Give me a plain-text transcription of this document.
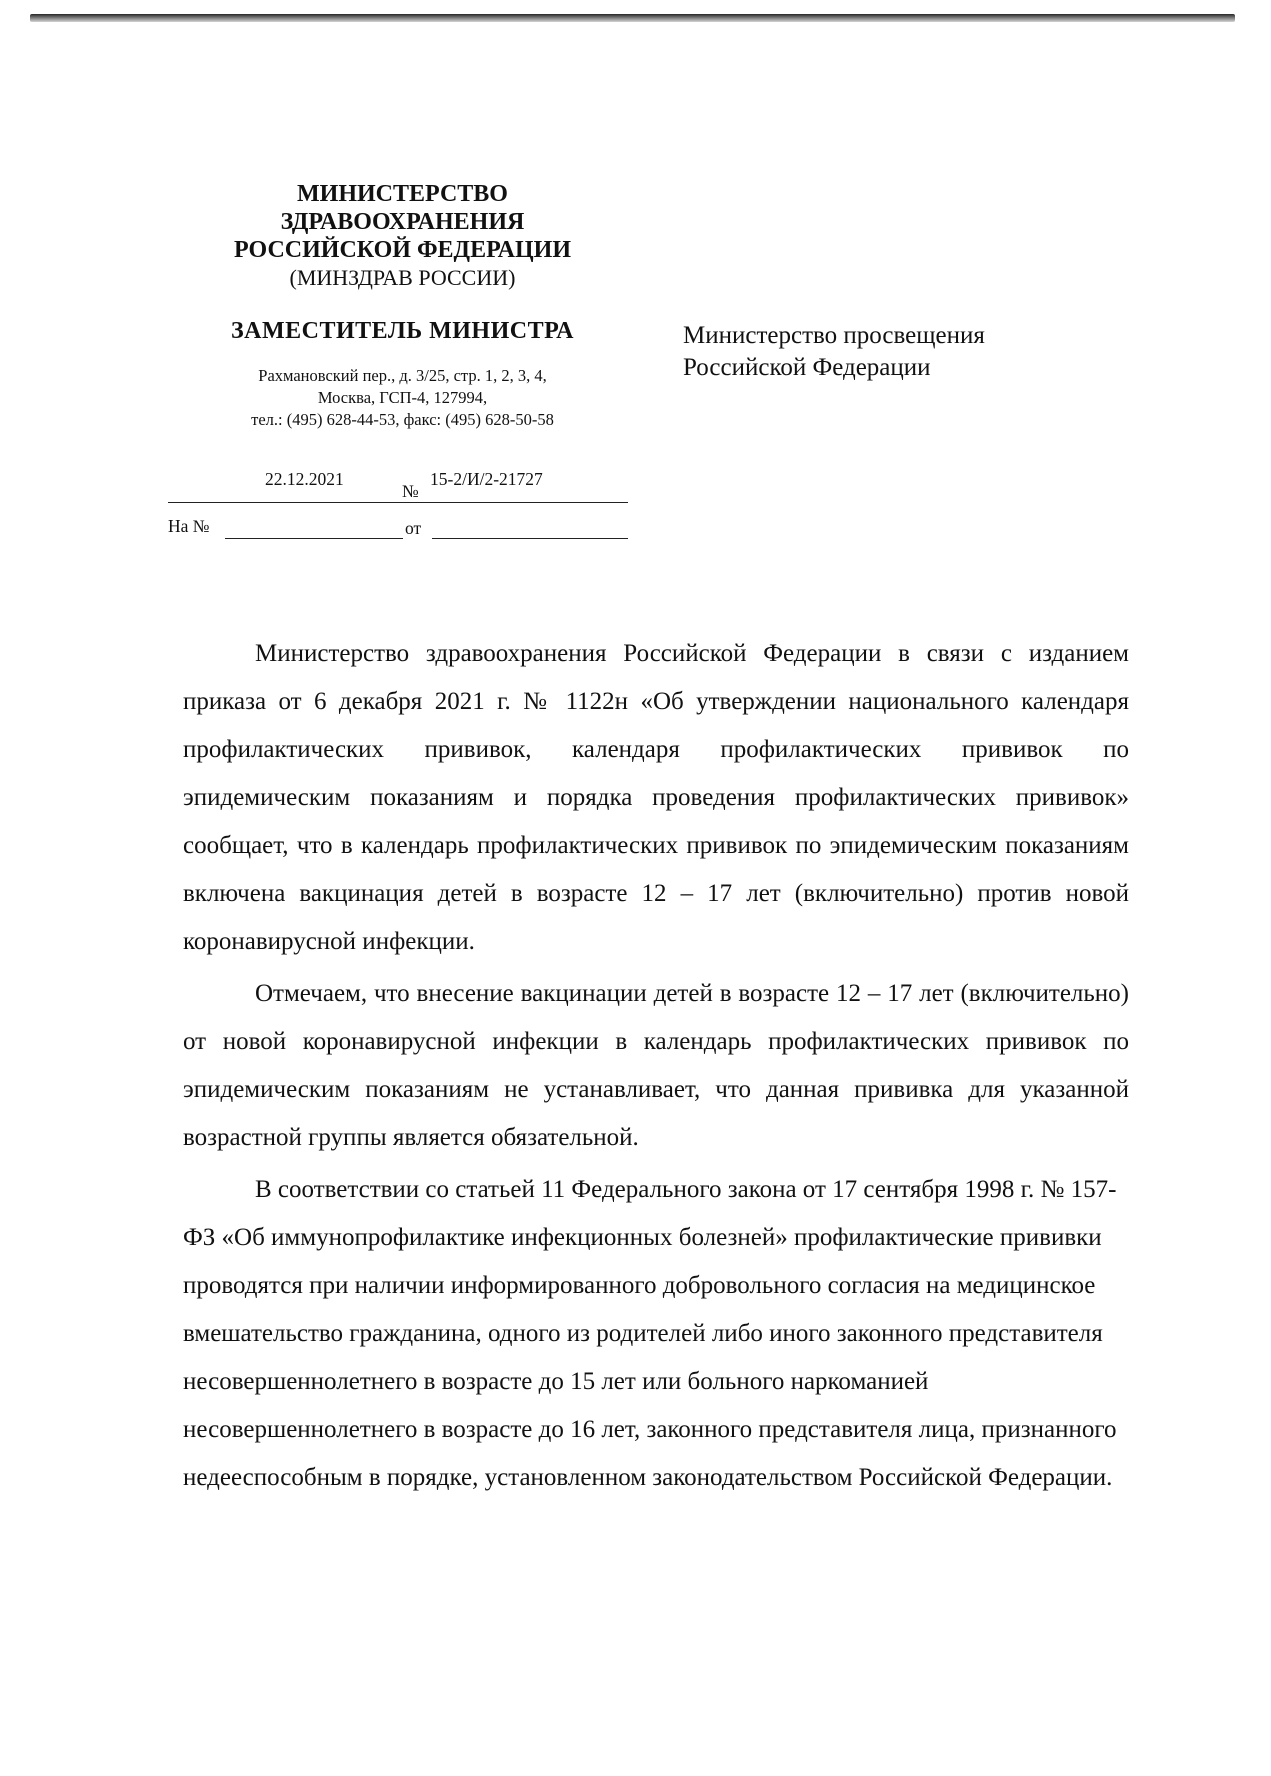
МИНИСТЕРСТВО
ЗДРАВООХРАНЕНИЯ
РОССИЙСКОЙ ФЕДЕРАЦИИ
(МИНЗДРАВ РОССИИ)
ЗАМЕСТИТЕЛЬ МИНИСТРА
Рахмановский пер., д. 3/25, стр. 1, 2, 3, 4,
Москва, ГСП-4, 127994,
тел.: (495) 628-44-53, факс: (495) 628-50-58
Министерство просвещения
Российской Федерации
22.12.2021
№
15-2/И/2-21727
На №	от

Министерство здравоохранения Российской Федерации в связи с изданием приказа от 6 декабря 2021 г. № 1122н «Об утверждении национального календаря профилактических прививок, календаря профилактических прививок по эпидемическим показаниям и порядка проведения профилактических прививок» сообщает, что в календарь профилактических прививок по эпидемическим показаниям включена вакцинация детей в возрасте 12 – 17 лет (включительно) против новой коронавирусной инфекции.

Отмечаем, что внесение вакцинации детей в возрасте 12 – 17 лет (включительно) от новой коронавирусной инфекции в календарь профилактических прививок по эпидемическим показаниям не устанавливает, что данная прививка для указанной возрастной группы является обязательной.

В соответствии со статьей 11 Федерального закона от 17 сентября 1998 г. № 157-ФЗ «Об иммунопрофилактике инфекционных болезней» профилактические прививки проводятся при наличии информированного добровольного согласия на медицинское вмешательство гражданина, одного из родителей либо иного законного представителя несовершеннолетнего в возрасте до 15 лет или больного наркоманией несовершеннолетнего в возрасте до 16 лет, законного представителя лица, признанного недееспособным в порядке, установленном законодательством Российской Федерации.
